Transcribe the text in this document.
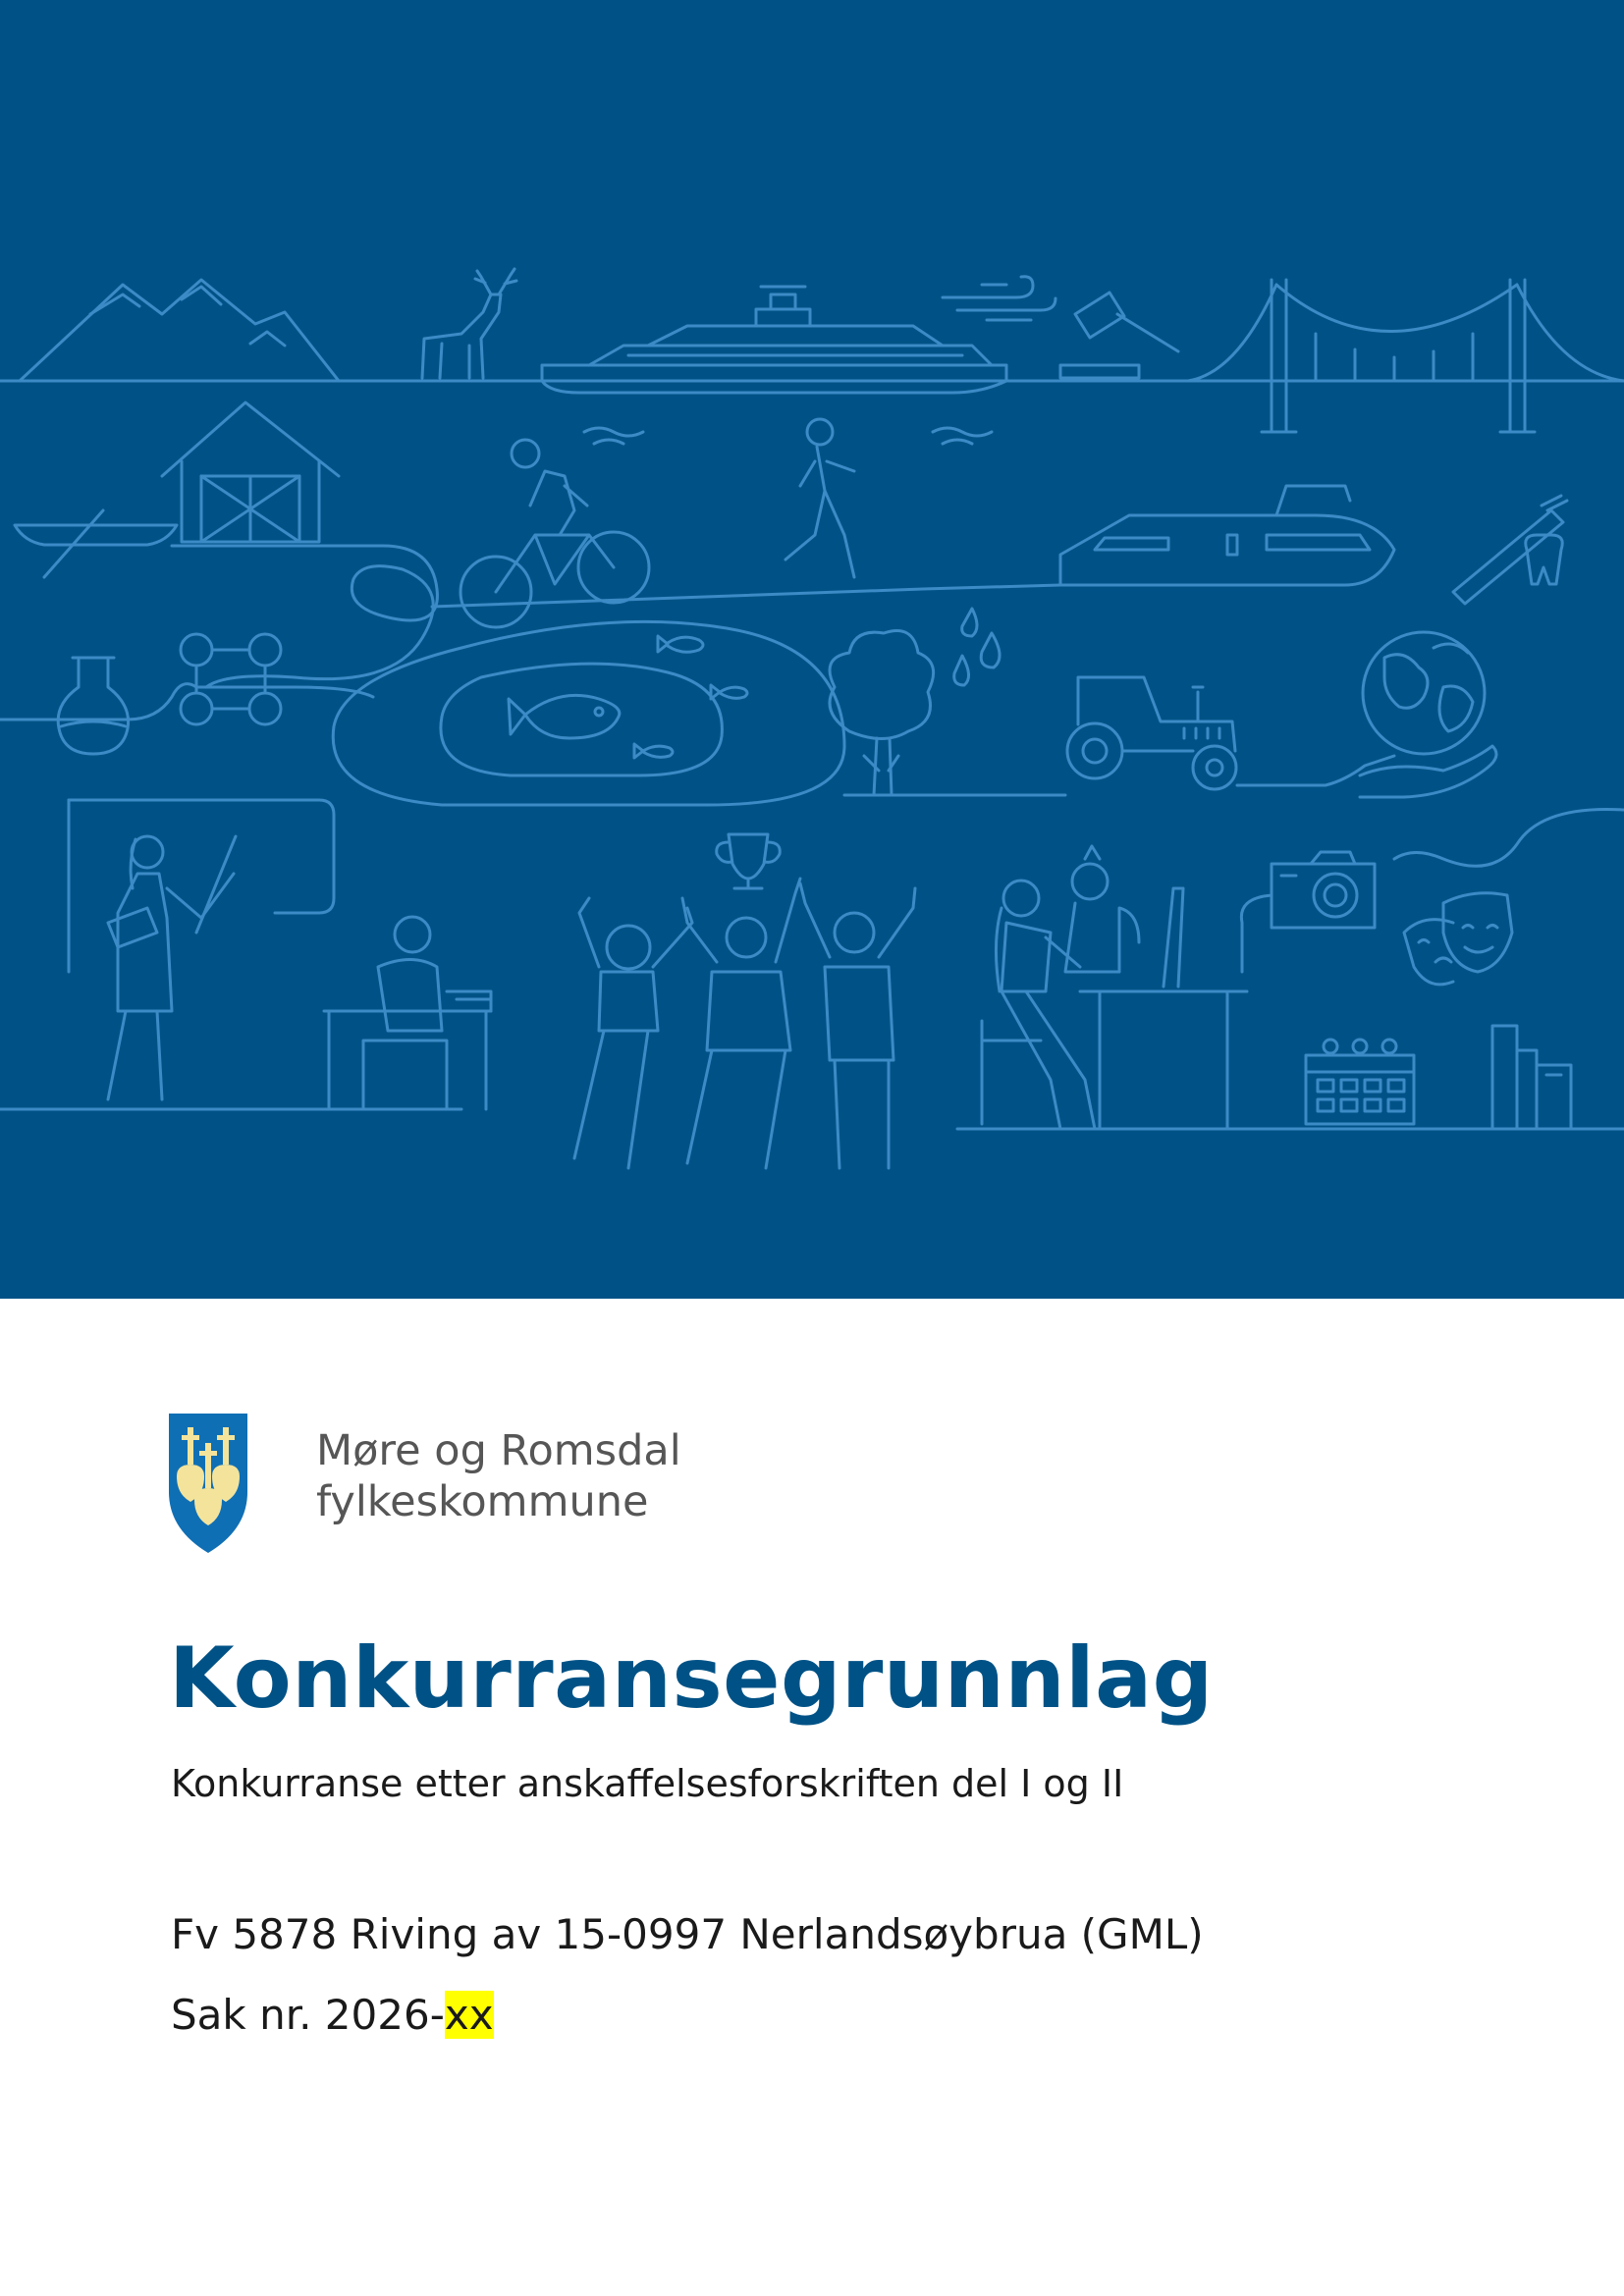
Møre og Romsdal
fylkeskommune
Konkurransegrunnlag
Konkurranse etter anskaffelsesforskriften del I og II
Fv 5878 Riving av 15-0997 Nerlandsøybrua (GML)
Sak nr. 2026-xx
